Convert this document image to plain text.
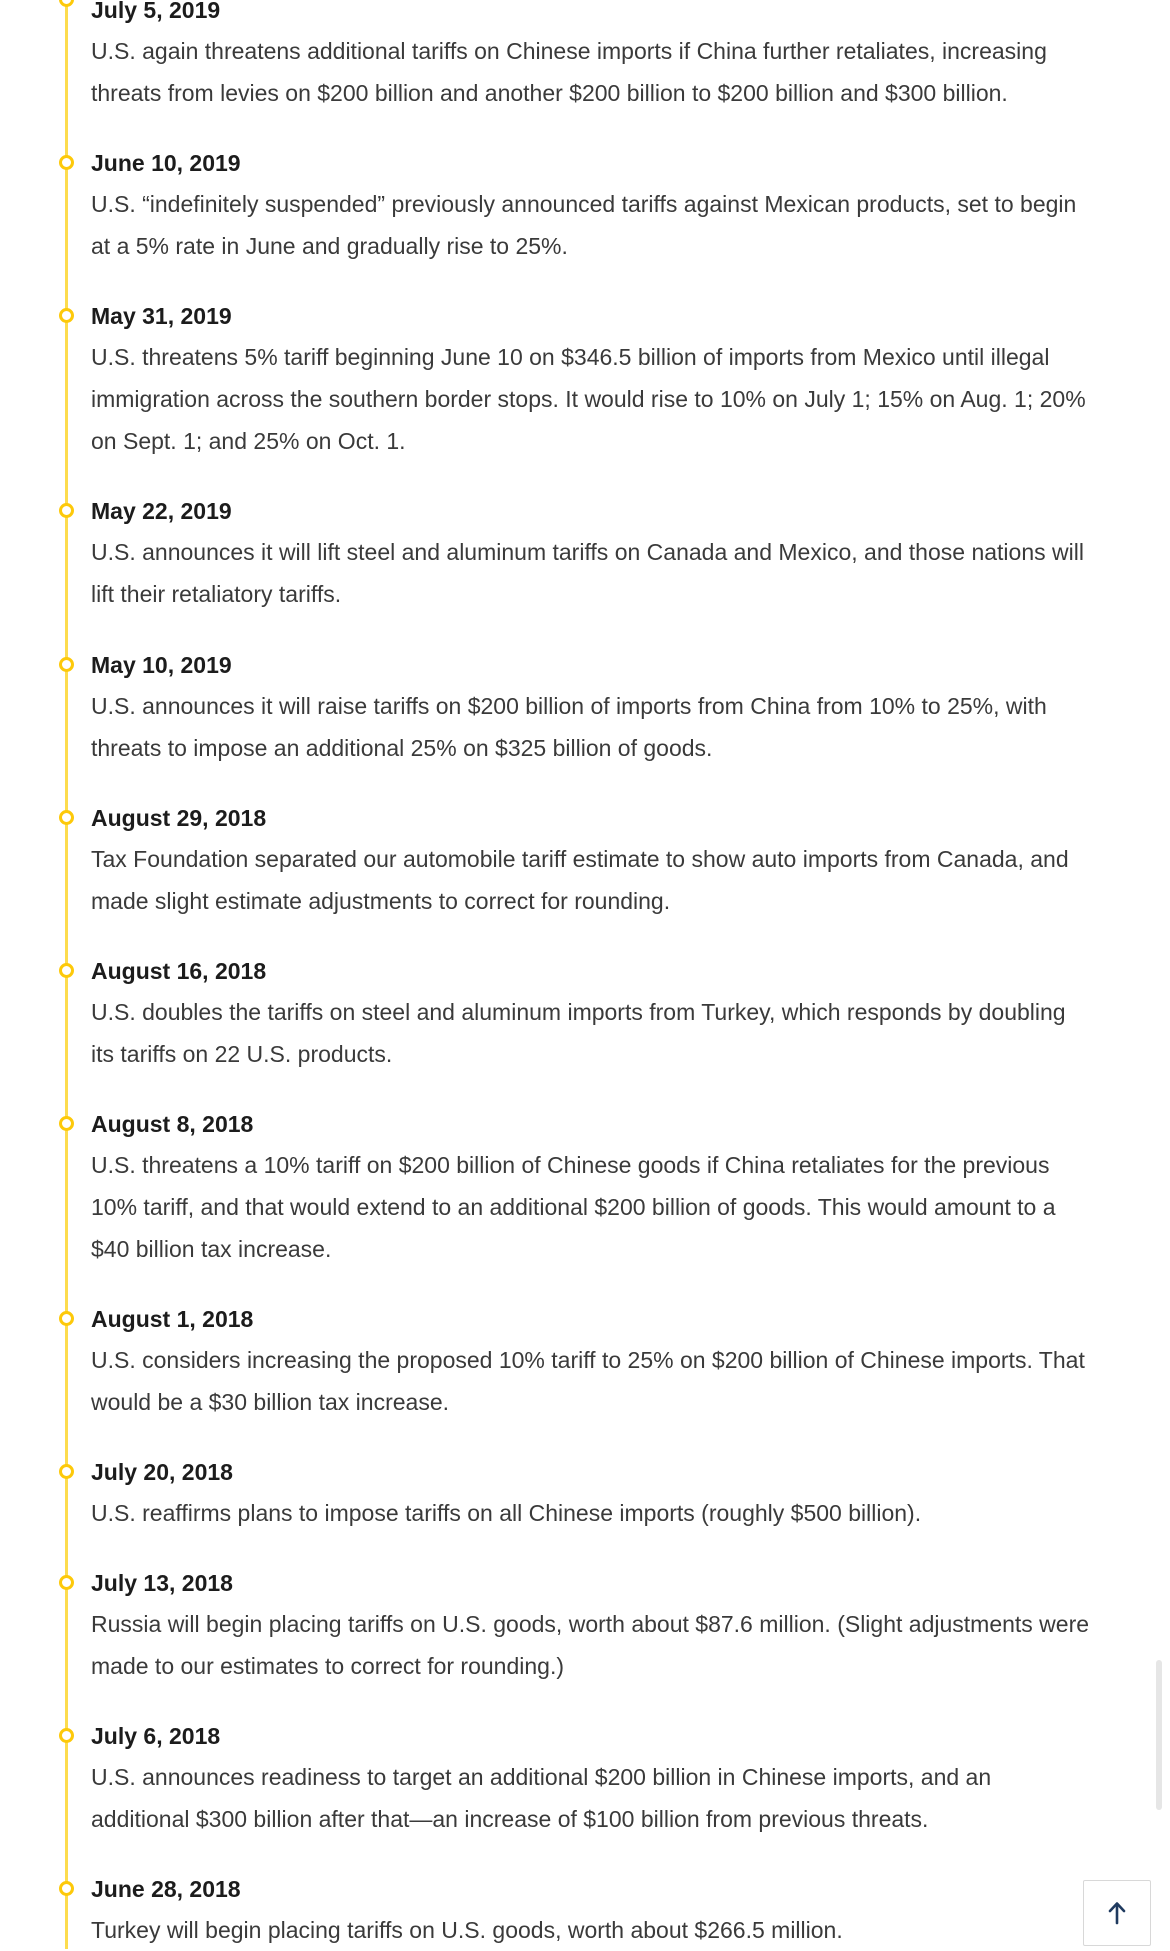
July 5, 2019

U.S. again threatens additional tariffs on Chinese imports if China further retaliates, increasing threats from levies on $200 billion and another $200 billion to $200 billion and $300 billion.

June 10, 2019

U.S. “indefinitely suspended” previously announced tariffs against Mexican products, set to begin at a 5% rate in June and gradually rise to 25%.

May 31, 2019

U.S. threatens 5% tariff beginning June 10 on $346.5 billion of imports from Mexico until illegal immigration across the southern border stops. It would rise to 10% on July 1; 15% on Aug. 1; 20% on Sept. 1; and 25% on Oct. 1.

May 22, 2019

U.S. announces it will lift steel and aluminum tariffs on Canada and Mexico, and those nations will lift their retaliatory tariffs.

May 10, 2019

U.S. announces it will raise tariffs on $200 billion of imports from China from 10% to 25%, with threats to impose an additional 25% on $325 billion of goods.

August 29, 2018

Tax Foundation separated our automobile tariff estimate to show auto imports from Canada, and made slight estimate adjustments to correct for rounding.

August 16, 2018

U.S. doubles the tariffs on steel and aluminum imports from Turkey, which responds by doubling its tariffs on 22 U.S. products.

August 8, 2018

U.S. threatens a 10% tariff on $200 billion of Chinese goods if China retaliates for the previous 10% tariff, and that would extend to an additional $200 billion of goods. This would amount to a $40 billion tax increase.

August 1, 2018

U.S. considers increasing the proposed 10% tariff to 25% on $200 billion of Chinese imports. That would be a $30 billion tax increase.

July 20, 2018

U.S. reaffirms plans to impose tariffs on all Chinese imports (roughly $500 billion).

July 13, 2018

Russia will begin placing tariffs on U.S. goods, worth about $87.6 million. (Slight adjustments were made to our estimates to correct for rounding.)

July 6, 2018

U.S. announces readiness to target an additional $200 billion in Chinese imports, and an additional $300 billion after that—an increase of $100 billion from previous threats.

June 28, 2018

Turkey will begin placing tariffs on U.S. goods, worth about $266.5 million.
